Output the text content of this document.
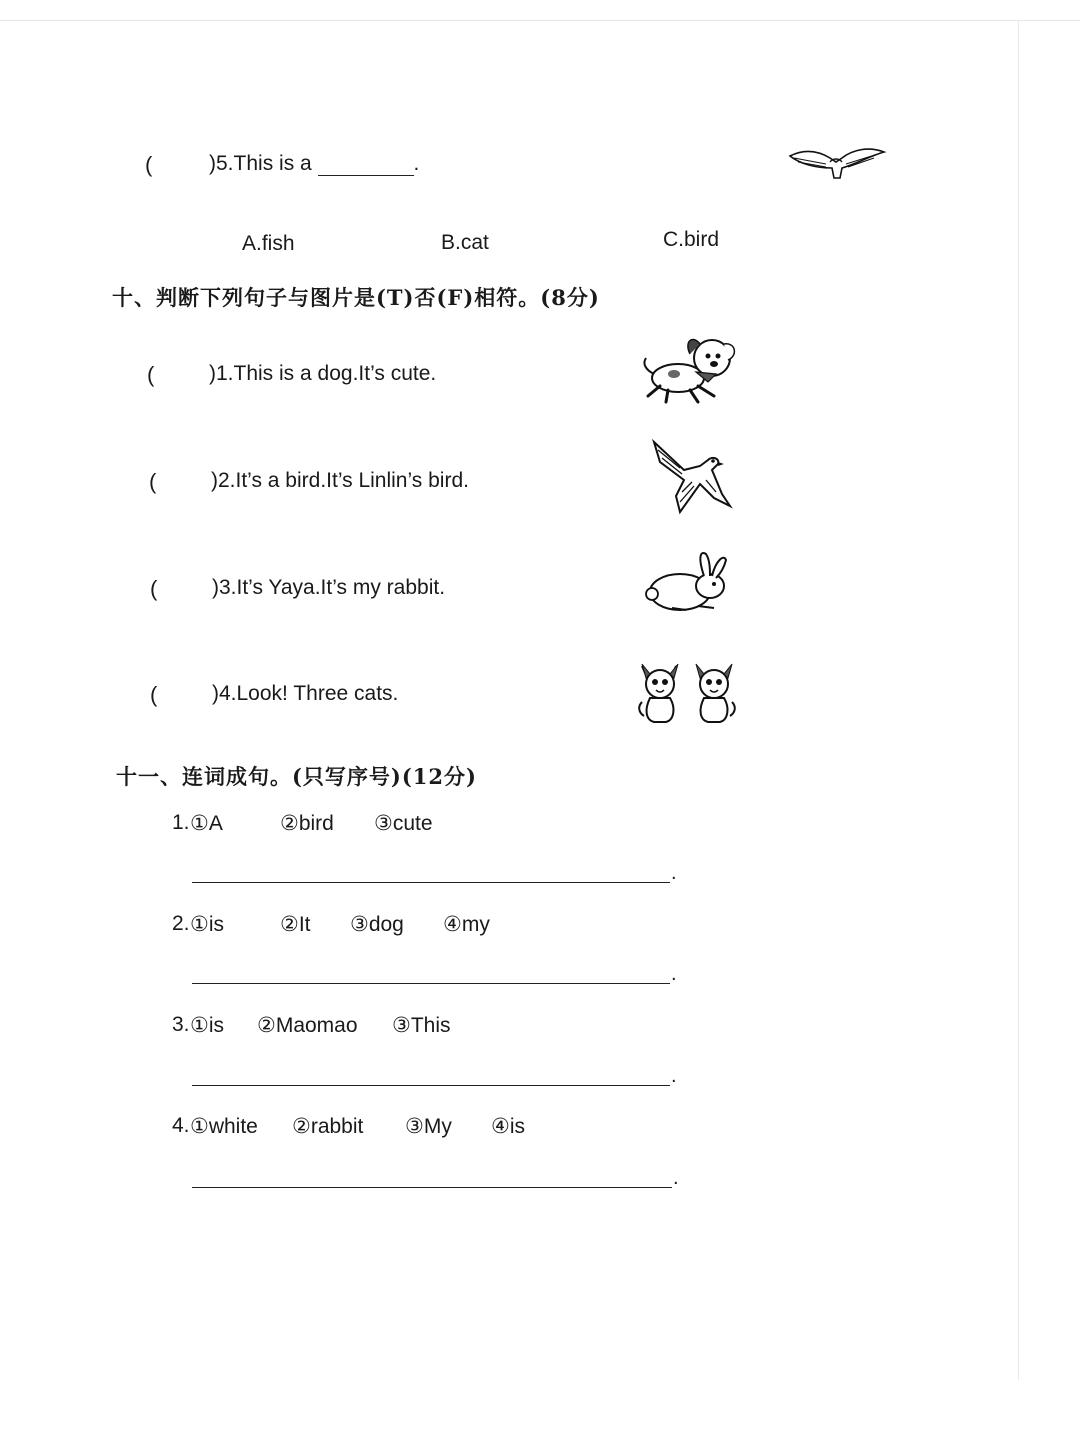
(	)5.This is a	.
A.fish	B.cat	C.bird
十、判断下列句子与图片是(T)否(F)相符。(8分)
(	)1.This is a dog.It’s cute.
(	)2.It’s a bird.It’s Linlin’s bird.
(	)3.It’s Yaya.It’s my rabbit.
(	)4.Look! Three cats.
十一、连词成句。(只写序号)(12分)
1. ①A	②bird ③cute
.
2. ①is	②It ③dog ④my
.
3. ①is ②Maomao ③This
.
4. ①white ②rabbit ③My ④is
.
